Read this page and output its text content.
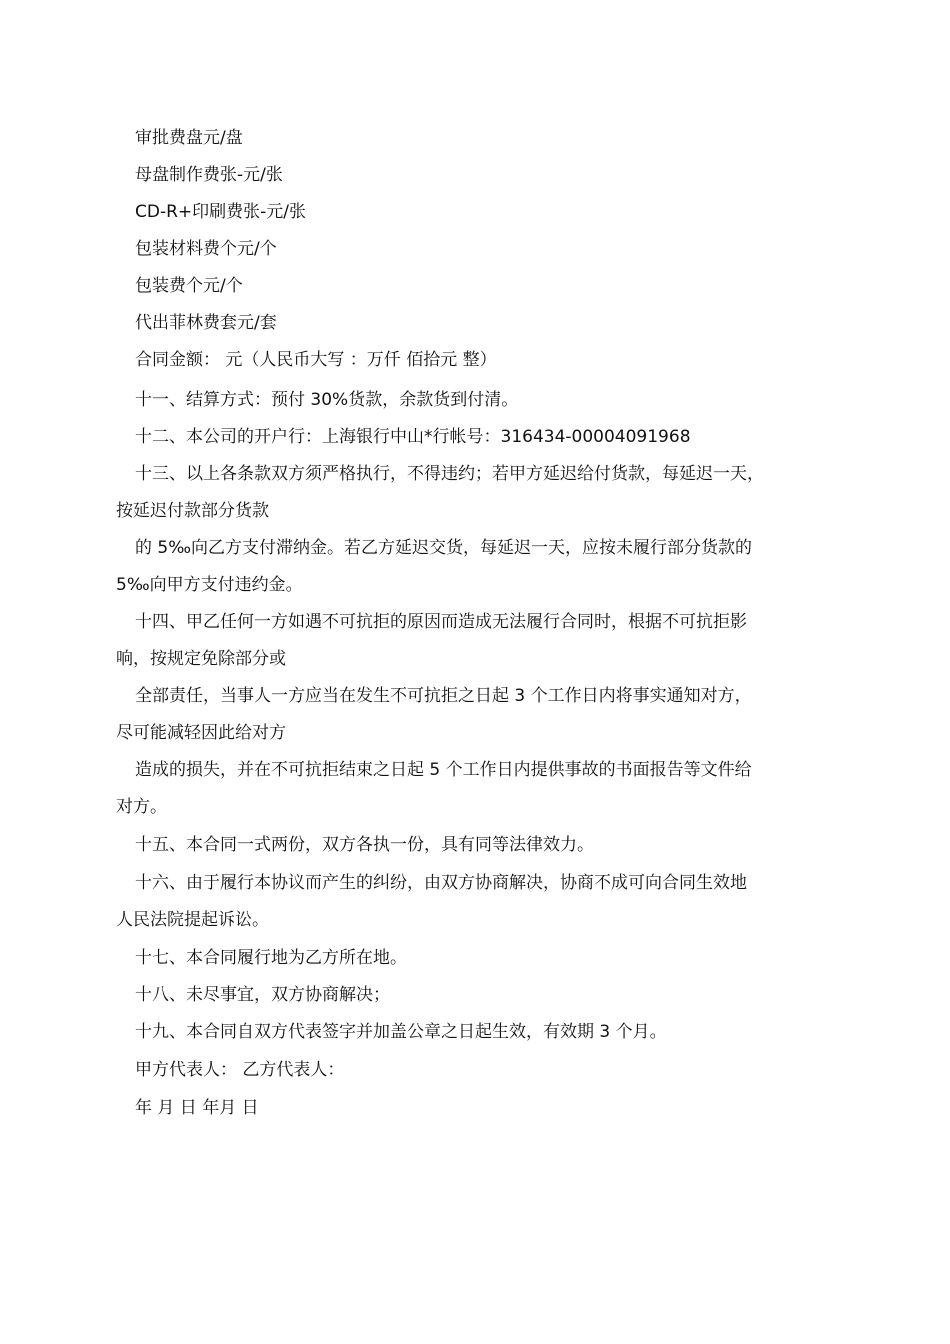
审批费盘元/盘
母盘制作费张-元/张
CD-R+印刷费张-元/张
包装材料费个元/个
包装费个元/个
代出菲林费套元/套
合同金额： 元（人民币大写 ：万仟 佰拾元 整）
十一、结算方式：预付 30%货款，余款货到付清。
十二、本公司的开户行：上海银行中山*行帐号：316434-00004091968
十三、以上各条款双方须严格执行，不得违约；若甲方延迟给付货款，每延迟一天，
按延迟付款部分货款
的 5‰向乙方支付滞纳金。若乙方延迟交货，每延迟一天，应按未履行部分货款的
5‰向甲方支付违约金。
十四、甲乙任何一方如遇不可抗拒的原因而造成无法履行合同时，根据不可抗拒影
响，按规定免除部分或
全部责任，当事人一方应当在发生不可抗拒之日起 3 个工作日内将事实通知对方，
尽可能减轻因此给对方
造成的损失，并在不可抗拒结束之日起 5 个工作日内提供事故的书面报告等文件给
对方。
十五、本合同一式两份，双方各执一份，具有同等法律效力。
十六、由于履行本协议而产生的纠纷，由双方协商解决，协商不成可向合同生效地
人民法院提起诉讼。
十七、本合同履行地为乙方所在地。
十八、未尽事宜，双方协商解决；
十九、本合同自双方代表签字并加盖公章之日起生效，有效期 3 个月。
甲方代表人： 乙方代表人：
年 月 日 年月 日
